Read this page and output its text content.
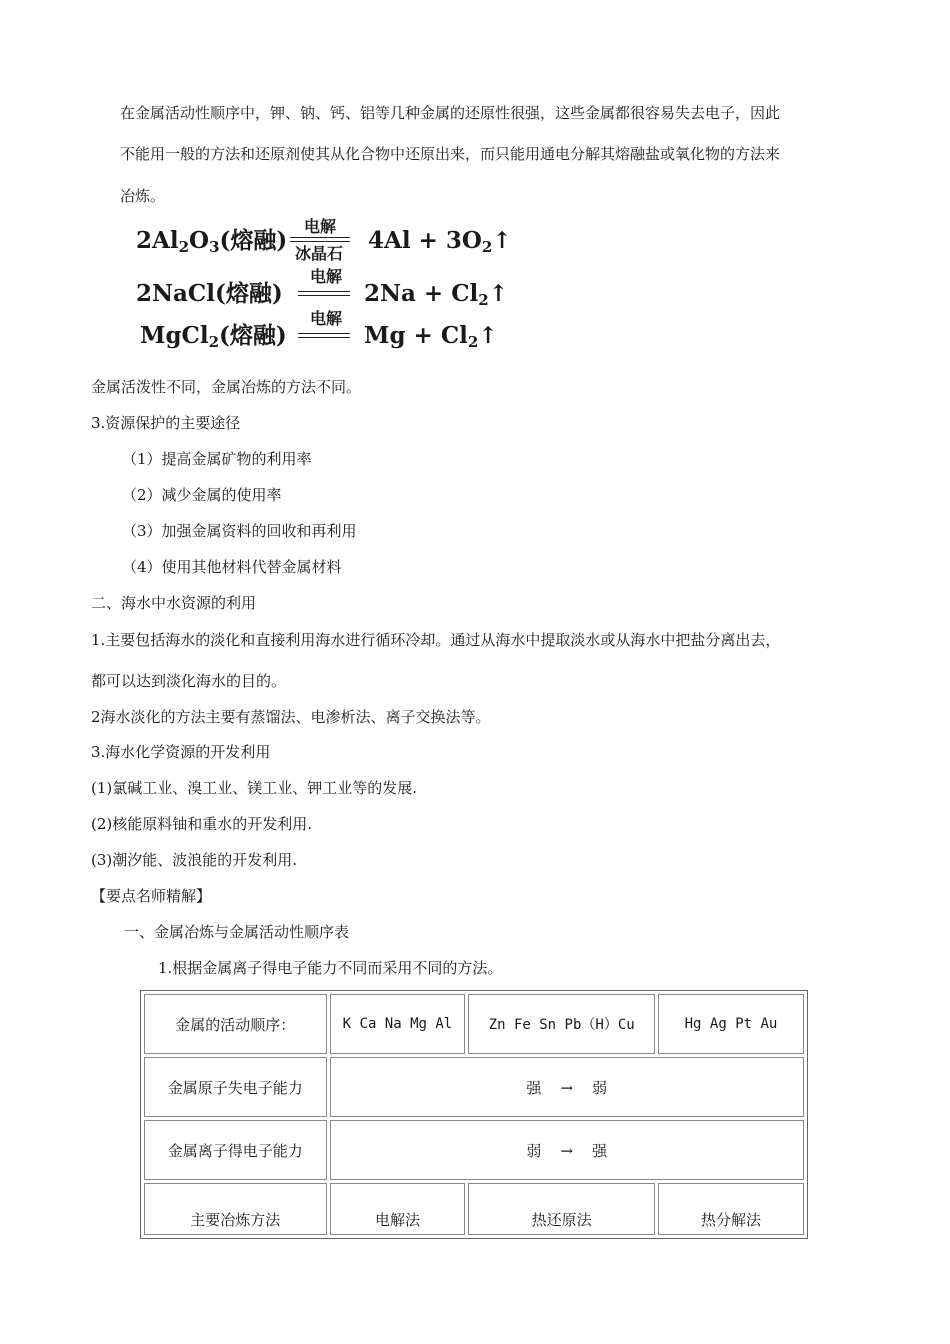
在金属活动性顺序中，钾、钠、钙、铝等几种金属的还原性很强，这些金属都很容易失去电子，因此
不能用一般的方法和还原剂使其从化合物中还原出来，而只能用通电分解其熔融盐或氧化物的方法来
冶炼。
$2Al_2O_3$(熔融)
电解
冰晶石	$4Al + 3O_2↑$
2NaCl(熔融)
电解
$2Na + Cl_2↑$
MgCl$_2$(熔融)
电解
$Mg + Cl_2↑$
金属活泼性不同，金属冶炼的方法不同。
3.资源保护的主要途径
（1）提高金属矿物的利用率
（2）减少金属的使用率
（3）加强金属资料的回收和再利用
（4）使用其他材料代替金属材料
二、海水中水资源的利用
1.主要包括海水的淡化和直接利用海水进行循环冷却。通过从海水中提取淡水或从海水中把盐分离出去，
都可以达到淡化海水的目的。
2海水淡化的方法主要有蒸馏法、电渗析法、离子交换法等。
3.海水化学资源的开发利用
(1)氯碱工业、溴工业、镁工业、钾工业等的发展.
(2)核能原料铀和重水的开发利用.
(3)潮汐能、波浪能的开发利用.
【要点名师精解】
一、金属冶炼与金属活动性顺序表
1.根据金属离子得电子能力不同而采用不同的方法。
金属的活动顺序：	K Ca Na Mg Al	Zn Fe Sn Pb（H）Cu	Hg Ag Pt Au
金属原子失电子能力	强    →    弱		
金属离子得电子能力	弱    →    强		
主要冶炼方法	电解法	热还原法	热分解法
